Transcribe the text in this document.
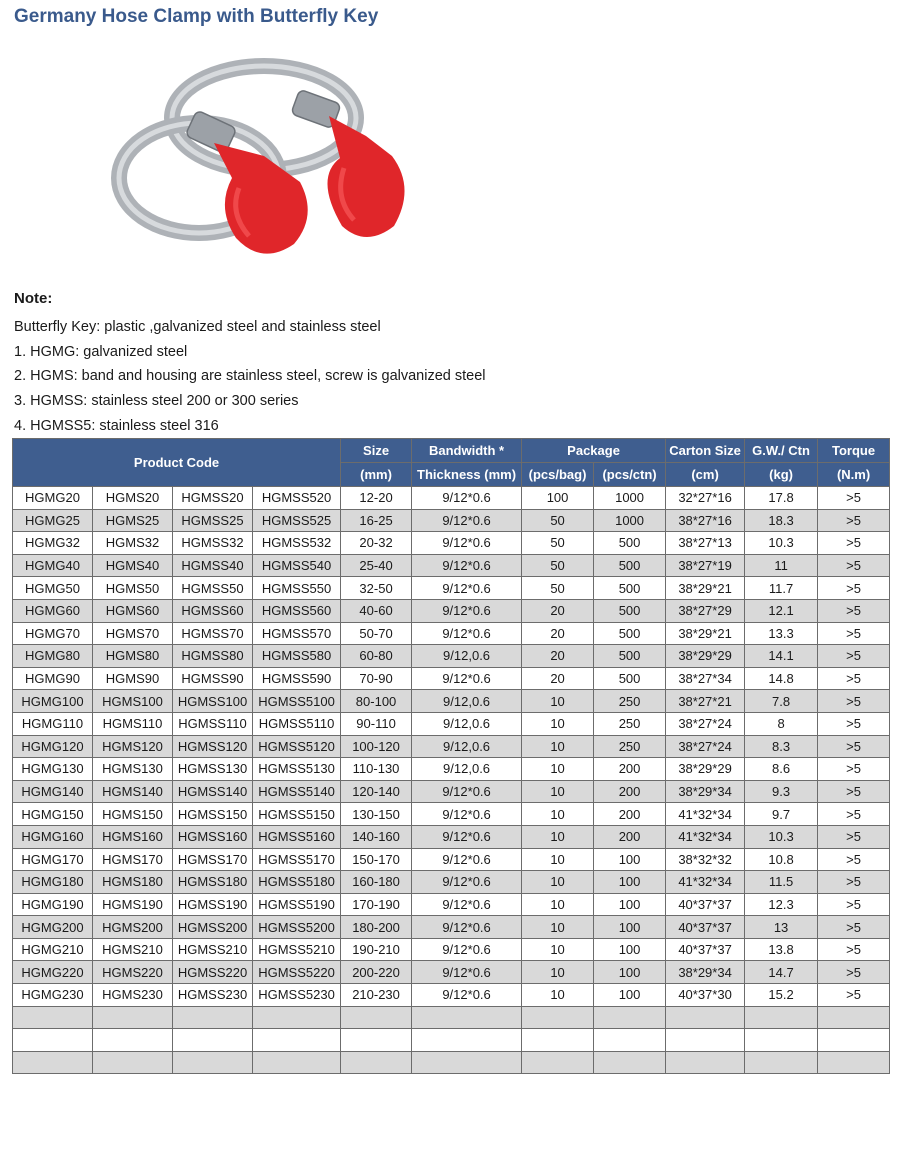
Germany Hose Clamp with Butterfly Key
Note:
Butterfly Key: plastic ,galvanized steel and stainless steel
1. HGMG: galvanized steel
2. HGMS: band and housing are stainless steel, screw is galvanized steel
3. HGMSS: stainless steel 200 or 300 series
4. HGMSS5: stainless steel 316
Product Code				Size	Bandwidth *	Package		Carton Size	G.W./ Ctn	Torque
				(mm)	Thickness (mm)	(pcs/bag)	(pcs/ctn)	(cm)	(kg)	(N.m)
HGMG20	HGMS20	HGMSS20	HGMSS520	12-20	9/12*0.6	100	1000	32*27*16	17.8	>5
HGMG25	HGMS25	HGMSS25	HGMSS525	16-25	9/12*0.6	50	1000	38*27*16	18.3	>5
HGMG32	HGMS32	HGMSS32	HGMSS532	20-32	9/12*0.6	50	500	38*27*13	10.3	>5
HGMG40	HGMS40	HGMSS40	HGMSS540	25-40	9/12*0.6	50	500	38*27*19	11	>5
HGMG50	HGMS50	HGMSS50	HGMSS550	32-50	9/12*0.6	50	500	38*29*21	11.7	>5
HGMG60	HGMS60	HGMSS60	HGMSS560	40-60	9/12*0.6	20	500	38*27*29	12.1	>5
HGMG70	HGMS70	HGMSS70	HGMSS570	50-70	9/12*0.6	20	500	38*29*21	13.3	>5
HGMG80	HGMS80	HGMSS80	HGMSS580	60-80	9/12,0.6	20	500	38*29*29	14.1	>5
HGMG90	HGMS90	HGMSS90	HGMSS590	70-90	9/12*0.6	20	500	38*27*34	14.8	>5
HGMG100	HGMS100	HGMSS100	HGMSS5100	80-100	9/12,0.6	10	250	38*27*21	7.8	>5
HGMG110	HGMS110	HGMSS110	HGMSS5110	90-110	9/12,0.6	10	250	38*27*24	8	>5
HGMG120	HGMS120	HGMSS120	HGMSS5120	100-120	9/12,0.6	10	250	38*27*24	8.3	>5
HGMG130	HGMS130	HGMSS130	HGMSS5130	110-130	9/12,0.6	10	200	38*29*29	8.6	>5
HGMG140	HGMS140	HGMSS140	HGMSS5140	120-140	9/12*0.6	10	200	38*29*34	9.3	>5
HGMG150	HGMS150	HGMSS150	HGMSS5150	130-150	9/12*0.6	10	200	41*32*34	9.7	>5
HGMG160	HGMS160	HGMSS160	HGMSS5160	140-160	9/12*0.6	10	200	41*32*34	10.3	>5
HGMG170	HGMS170	HGMSS170	HGMSS5170	150-170	9/12*0.6	10	100	38*32*32	10.8	>5
HGMG180	HGMS180	HGMSS180	HGMSS5180	160-180	9/12*0.6	10	100	41*32*34	11.5	>5
HGMG190	HGMS190	HGMSS190	HGMSS5190	170-190	9/12*0.6	10	100	40*37*37	12.3	>5
HGMG200	HGMS200	HGMSS200	HGMSS5200	180-200	9/12*0.6	10	100	40*37*37	13	>5
HGMG210	HGMS210	HGMSS210	HGMSS5210	190-210	9/12*0.6	10	100	40*37*37	13.8	>5
HGMG220	HGMS220	HGMSS220	HGMSS5220	200-220	9/12*0.6	10	100	38*29*34	14.7	>5
HGMG230	HGMS230	HGMSS230	HGMSS5230	210-230	9/12*0.6	10	100	40*37*30	15.2	>5
